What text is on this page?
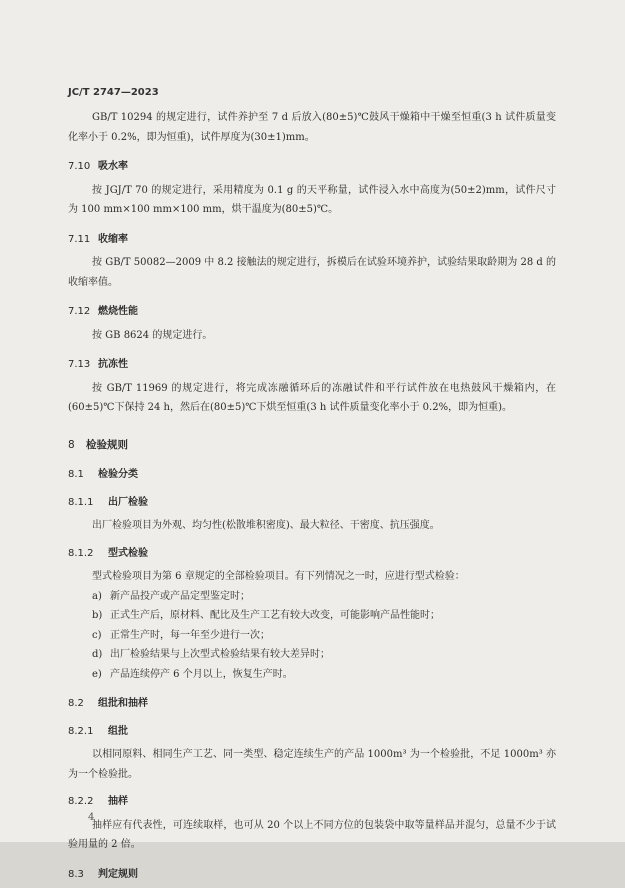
JC/T 2747—2023

GB/T 10294 的规定进行，试件养护至 7 d 后放入(80±5)℃鼓风干燥箱中干燥至恒重(3 h 试件质量变化率小于 0.2%，即为恒重)，试件厚度为(30±1)mm。

7.10 吸水率

按 JGJ/T 70 的规定进行，采用精度为 0.1 g 的天平称量，试件浸入水中高度为(50±2)mm，试件尺寸为 100 mm×100 mm×100 mm，烘干温度为(80±5)℃。

7.11 收缩率

按 GB/T 50082—2009 中 8.2 接触法的规定进行，拆模后在试验环境养护，试验结果取龄期为 28 d 的收缩率值。

7.12 燃烧性能

按 GB 8624 的规定进行。

7.13 抗冻性

按 GB/T 11969 的规定进行，将完成冻融循环后的冻融试件和平行试件放在电热鼓风干燥箱内，在(60±5)℃下保持 24 h，然后在(80±5)℃下烘至恒重(3 h 试件质量变化率小于 0.2%，即为恒重)。

8 检验规则
8.1 检验分类
8.1.1 出厂检验

出厂检验项目为外观、均匀性(松散堆积密度)、最大粒径、干密度、抗压强度。

8.1.2 型式检验

型式检验项目为第 6 章规定的全部检验项目。有下列情况之一时，应进行型式检验：

a) 新产品投产或产品定型鉴定时；
b) 正式生产后，原材料、配比及生产工艺有较大改变，可能影响产品性能时；
c) 正常生产时，每一年至少进行一次；
d) 出厂检验结果与上次型式检验结果有较大差异时；
e) 产品连续停产 6 个月以上，恢复生产时。
8.2 组批和抽样
8.2.1 组批

以相同原料、相同生产工艺、同一类型、稳定连续生产的产品 1000m³ 为一个检验批，不足 1000m³ 亦为一个检验批。

8.2.2 抽样

抽样应有代表性，可连续取样，也可从 20 个以上不同方位的包装袋中取等量样品并混匀，总量不少于试验用量的 2 倍。

8.3 判定规则
4
